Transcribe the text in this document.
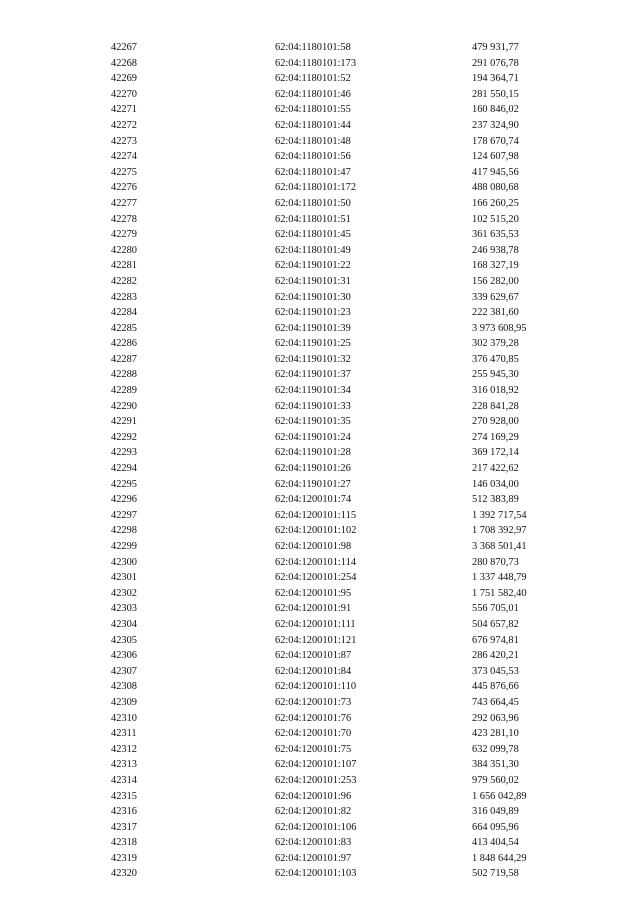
42267	62:04:1180101:58	479 931,77
42268	62:04:1180101:173	291 076,78
42269	62:04:1180101:52	194 364,71
42270	62:04:1180101:46	281 550,15
42271	62:04:1180101:55	160 846,02
42272	62:04:1180101:44	237 324,90
42273	62:04:1180101:48	178 670,74
42274	62:04:1180101:56	124 607,98
42275	62:04:1180101:47	417 945,56
42276	62:04:1180101:172	488 080,68
42277	62:04:1180101:50	166 260,25
42278	62:04:1180101:51	102 515,20
42279	62:04:1180101:45	361 635,53
42280	62:04:1180101:49	246 938,78
42281	62:04:1190101:22	168 327,19
42282	62:04:1190101:31	156 282,00
42283	62:04:1190101:30	339 629,67
42284	62:04:1190101:23	222 381,60
42285	62:04:1190101:39	3 973 608,95
42286	62:04:1190101:25	302 379,28
42287	62:04:1190101:32	376 470,85
42288	62:04:1190101:37	255 945,30
42289	62:04:1190101:34	316 018,92
42290	62:04:1190101:33	228 841,28
42291	62:04:1190101:35	270 928,00
42292	62:04:1190101:24	274 169,29
42293	62:04:1190101:28	369 172,14
42294	62:04:1190101:26	217 422,62
42295	62:04:1190101:27	146 034,00
42296	62:04:1200101:74	512 383,89
42297	62:04:1200101:115	1 392 717,54
42298	62:04:1200101:102	1 708 392,97
42299	62:04:1200101:98	3 368 501,41
42300	62:04:1200101:114	280 870,73
42301	62:04:1200101:254	1 337 448,79
42302	62:04:1200101:95	1 751 582,40
42303	62:04:1200101:91	556 705,01
42304	62:04:1200101:111	504 657,82
42305	62:04:1200101:121	676 974,81
42306	62:04:1200101:87	286 420,21
42307	62:04:1200101:84	373 045,53
42308	62:04:1200101:110	445 876,66
42309	62:04:1200101:73	743 664,45
42310	62:04:1200101:76	292 063,96
42311	62:04:1200101:70	423 281,10
42312	62:04:1200101:75	632 099,78
42313	62:04:1200101:107	384 351,30
42314	62:04:1200101:253	979 560,02
42315	62:04:1200101:96	1 656 042,89
42316	62:04:1200101:82	316 049,89
42317	62:04:1200101:106	664 095,96
42318	62:04:1200101:83	413 404,54
42319	62:04:1200101:97	1 848 644,29
42320	62:04:1200101:103	502 719,58
